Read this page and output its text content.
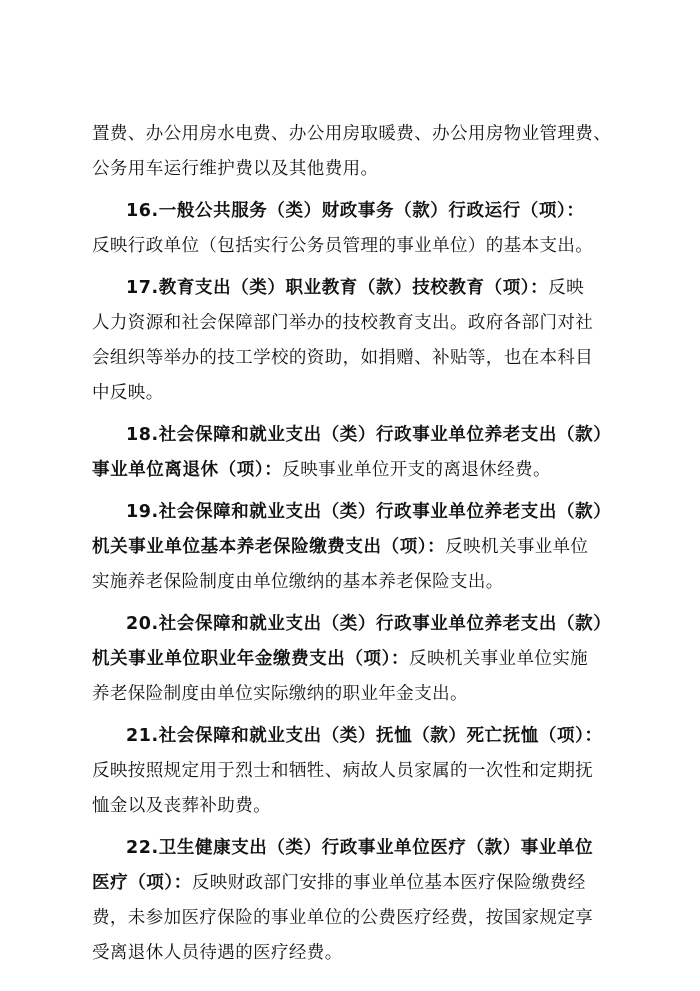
置费、办公用房水电费、办公用房取暖费、办公用房物业管理费、
公务用车运行维护费以及其他费用。
16.一般公共服务（类）财政事务（款）行政运行（项）：
反映行政单位（包括实行公务员管理的事业单位）的基本支出。
17.教育支出（类）职业教育（款）技校教育（项）：反映
人力资源和社会保障部门举办的技校教育支出。政府各部门对社
会组织等举办的技工学校的资助，如捐赠、补贴等，也在本科目
中反映。
18.社会保障和就业支出（类）行政事业单位养老支出（款）
事业单位离退休（项）：反映事业单位开支的离退休经费。
19.社会保障和就业支出（类）行政事业单位养老支出（款）
机关事业单位基本养老保险缴费支出（项）：反映机关事业单位
实施养老保险制度由单位缴纳的基本养老保险支出。
20.社会保障和就业支出（类）行政事业单位养老支出（款）
机关事业单位职业年金缴费支出（项）：反映机关事业单位实施
养老保险制度由单位实际缴纳的职业年金支出。
21.社会保障和就业支出（类）抚恤（款）死亡抚恤（项）：
反映按照规定用于烈士和牺牲、病故人员家属的一次性和定期抚
恤金以及丧葬补助费。
22.卫生健康支出（类）行政事业单位医疗（款）事业单位
医疗（项）：反映财政部门安排的事业单位基本医疗保险缴费经
费，未参加医疗保险的事业单位的公费医疗经费，按国家规定享
受离退休人员待遇的医疗经费。
